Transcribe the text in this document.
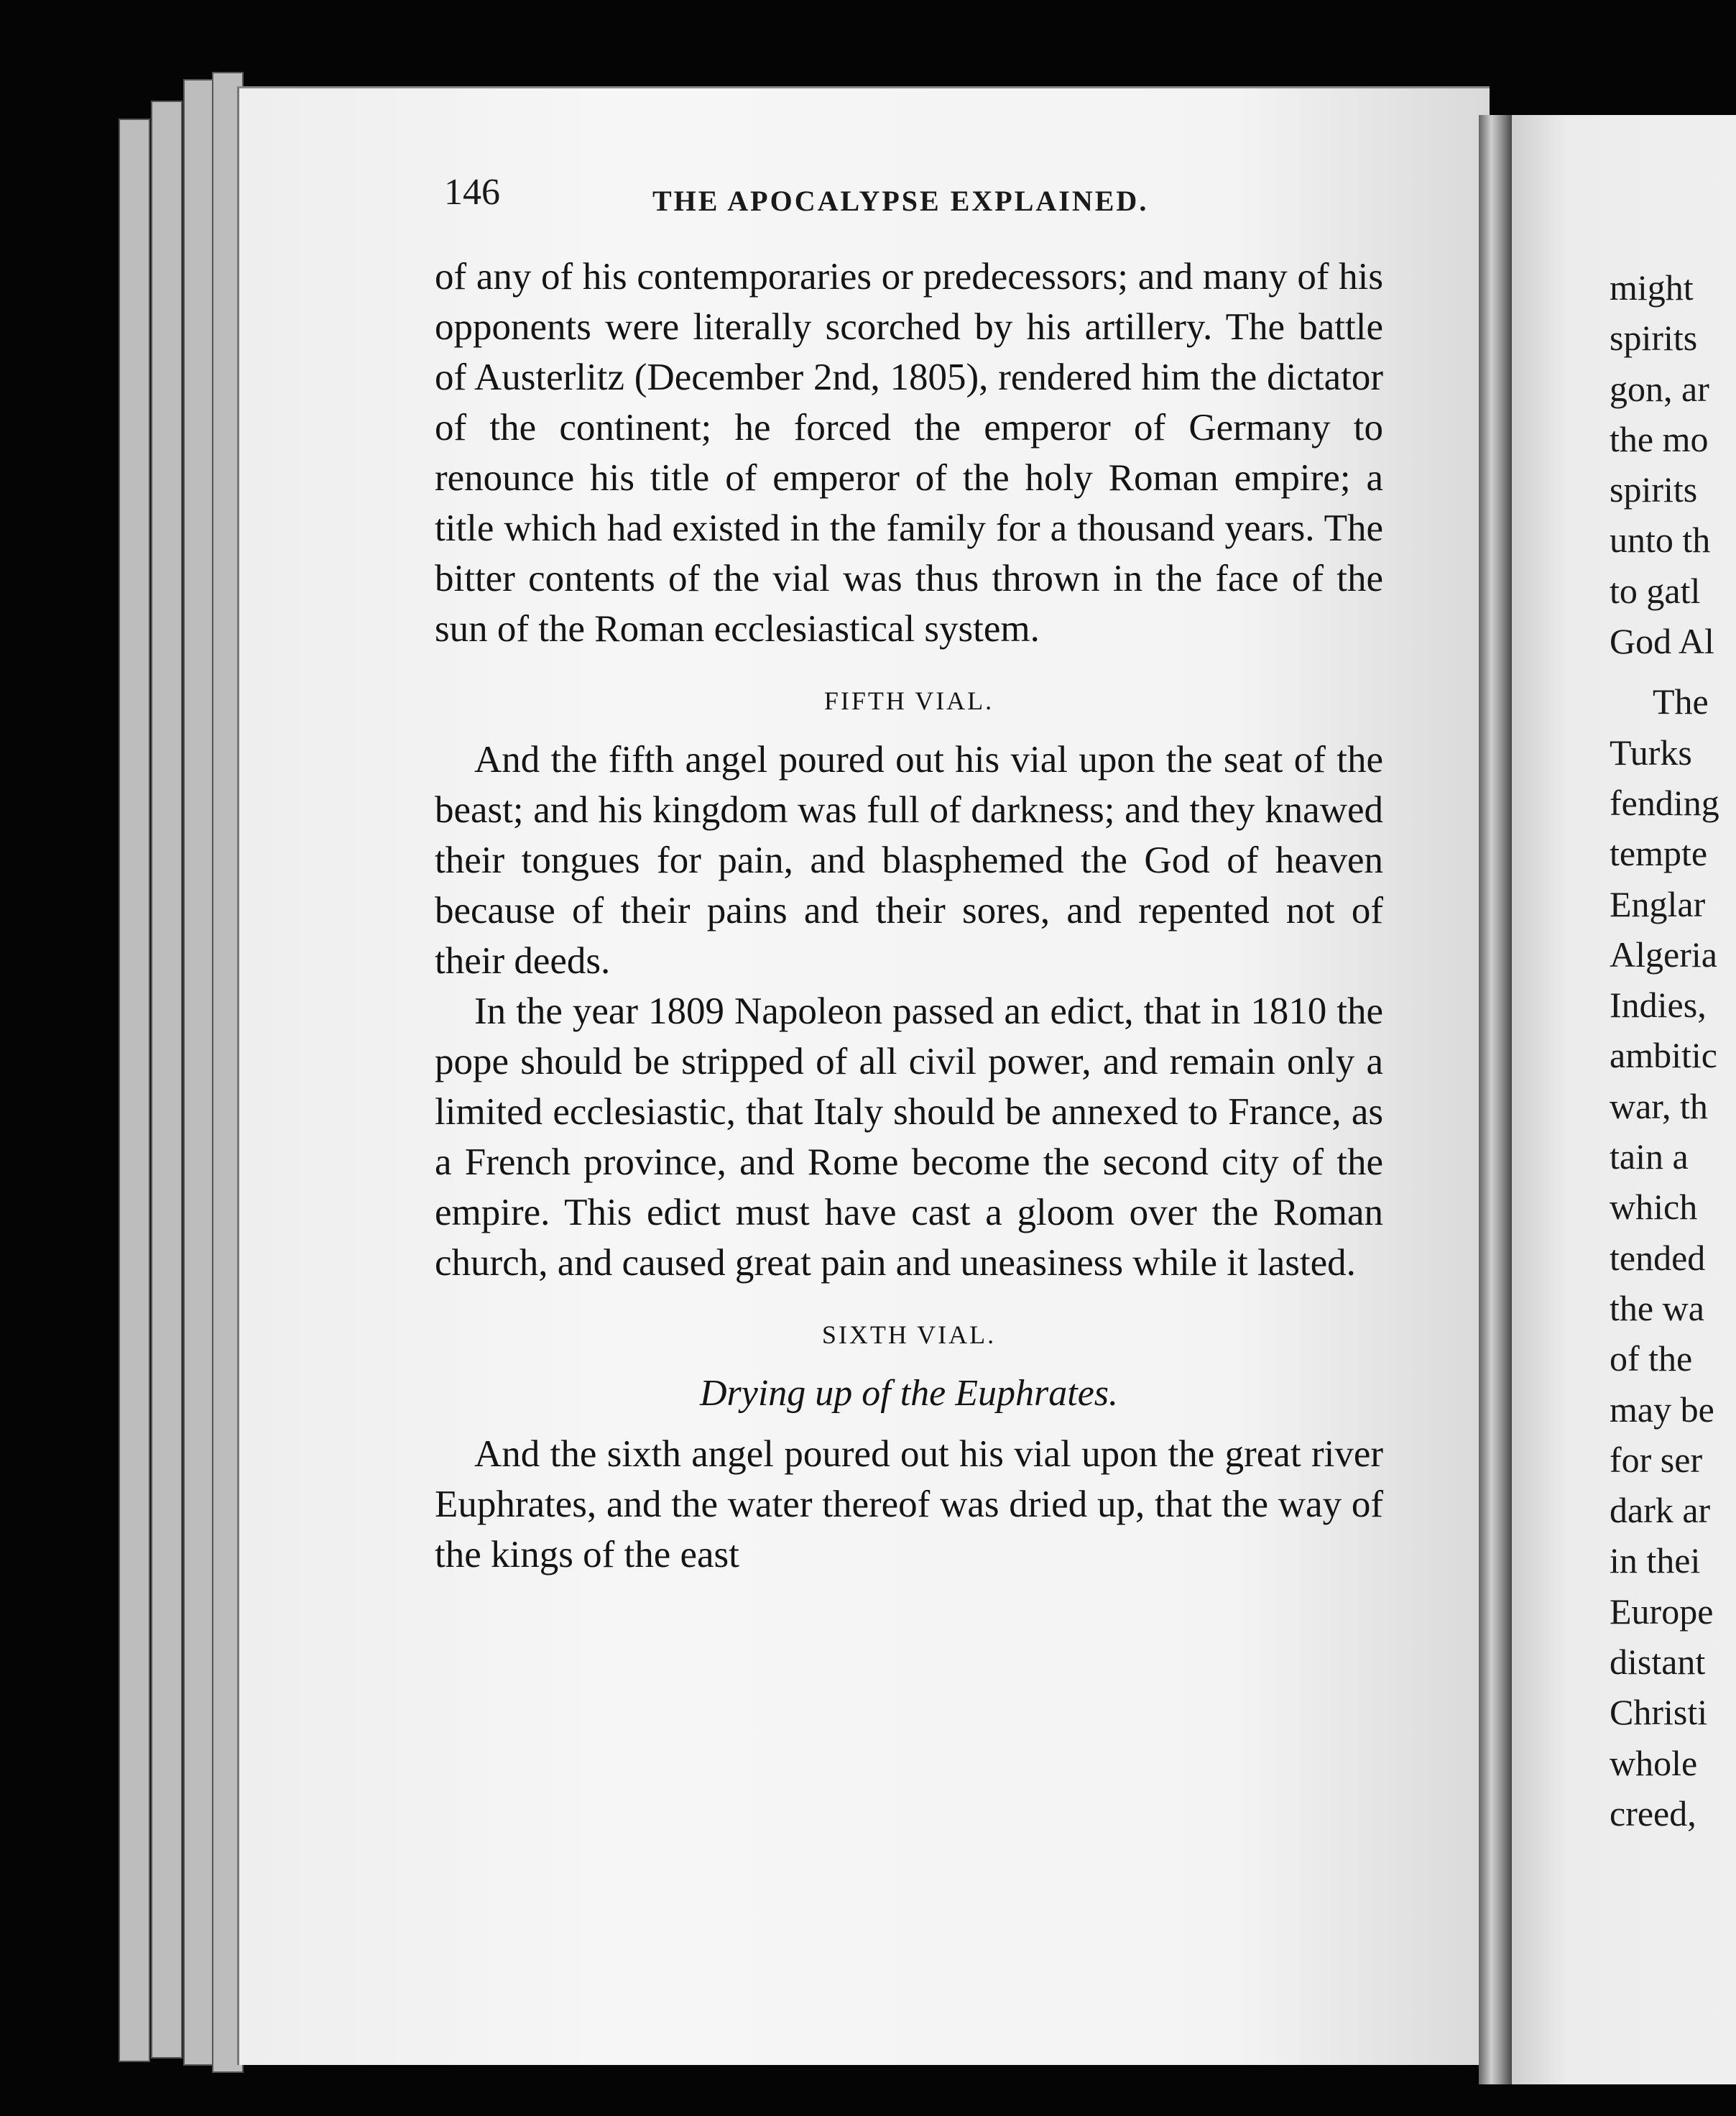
146	THE APOCALYPSE EXPLAINED.

of any of his contemporaries or predecessors; and many of his opponents were literally scorched by his artillery. The battle of Austerlitz (December 2nd, 1805), rendered him the dictator of the continent; he forced the emperor of Germany to renounce his title of emperor of the holy Roman empire; a title which had existed in the family for a thousand years. The bitter contents of the vial was thus thrown in the face of the sun of the Roman ecclesiastical system.

FIFTH VIAL.

And the fifth angel poured out his vial upon the seat of the beast; and his kingdom was full of darkness; and they knawed their tongues for pain, and blasphemed the God of heaven because of their pains and their sores, and repented not of their deeds.

In the year 1809 Napoleon passed an edict, that in 1810 the pope should be stripped of all civil power, and remain only a limited ecclesiastic, that Italy should be annexed to France, as a French province, and Rome become the second city of the empire. This edict must have cast a gloom over the Roman church, and caused great pain and uneasiness while it lasted.

SIXTH VIAL.
Drying up of the Euphrates.

And the sixth angel poured out his vial upon the great river Euphrates, and the water thereof was dried up, that the way of the kings of the east

might
spirits
gon, ar
the mo
spirits
unto th
to gatl
God Al
The
Turks
fending
tempte
Englar
Algeria
Indies,
ambitic
war, th
tain a
which
tended
the wa
of the
may be
for ser
dark ar
in thei
Europe
distant
Christi
whole
creed,
